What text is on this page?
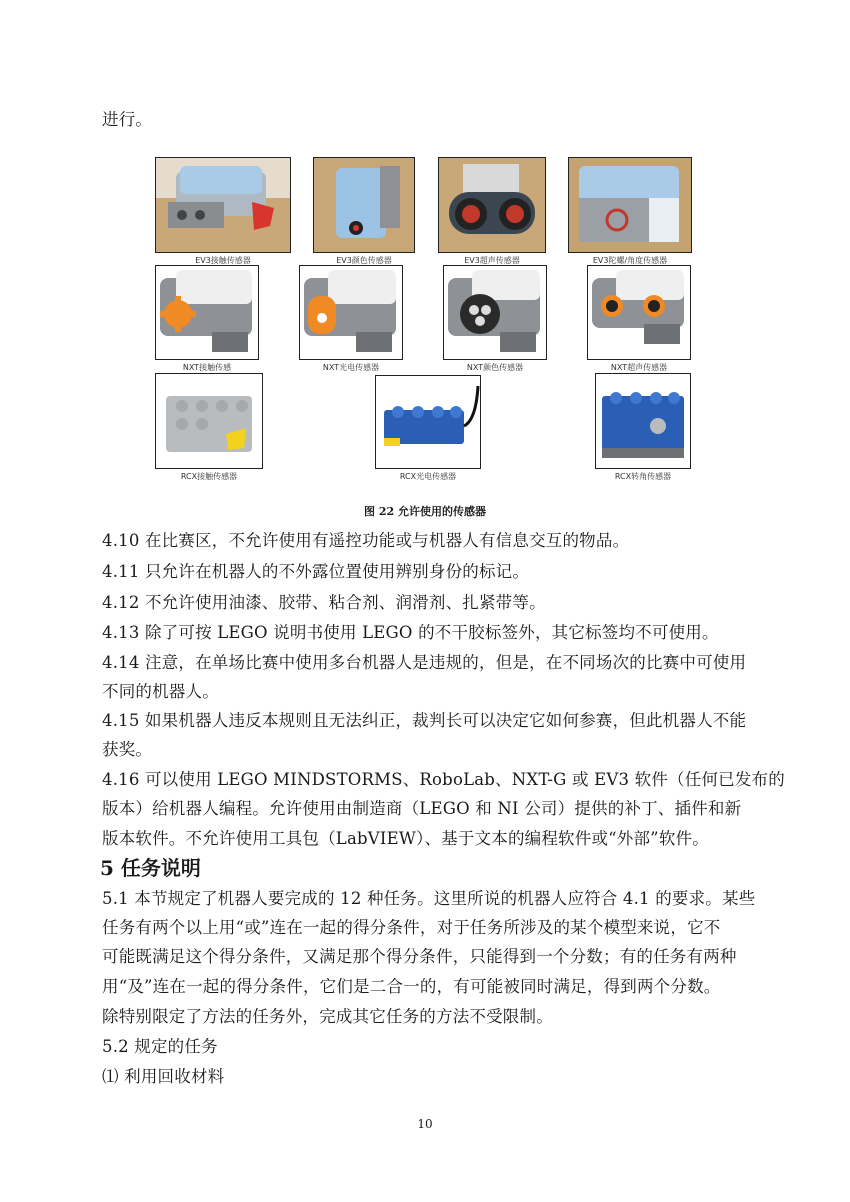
进行。
EV3接触传感器	EV3颜色传感器	EV3超声传感器	EV3陀螺/角度传感器
NXT接触传感	NXT光电传感器	NXT颜色传感器	NXT超声传感器
RCX接触传感器	RCX光电传感器	RCX转角传感器
图 22 允许使用的传感器
4.10 在比赛区，不允许使用有遥控功能或与机器人有信息交互的物品。
4.11 只允许在机器人的不外露位置使用辨别身份的标记。
4.12 不允许使用油漆、胶带、粘合剂、润滑剂、扎紧带等。
4.13 除了可按 LEGO 说明书使用 LEGO 的不干胶标签外，其它标签均不可使用。
4.14 注意，在单场比赛中使用多台机器人是违规的，但是，在不同场次的比赛中可使用
不同的机器人。
4.15 如果机器人违反本规则且无法纠正，裁判长可以决定它如何参赛，但此机器人不能
获奖。
4.16 可以使用 LEGO MINDSTORMS、RoboLab、NXT-G 或 EV3 软件（任何已发布的
版本）给机器人编程。允许使用由制造商（LEGO 和 NI 公司）提供的补丁、插件和新
版本软件。不允许使用工具包（LabVIEW）、基于文本的编程软件或“外部”软件。
5 任务说明
5.1 本节规定了机器人要完成的 12 种任务。这里所说的机器人应符合 4.1 的要求。某些
任务有两个以上用“或”连在一起的得分条件，对于任务所涉及的某个模型来说，它不
可能既满足这个得分条件，又满足那个得分条件，只能得到一个分数；有的任务有两种
用“及”连在一起的得分条件，它们是二合一的，有可能被同时满足，得到两个分数。
除特别限定了方法的任务外，完成其它任务的方法不受限制。
5.2 规定的任务
⑴ 利用回收材料
10
